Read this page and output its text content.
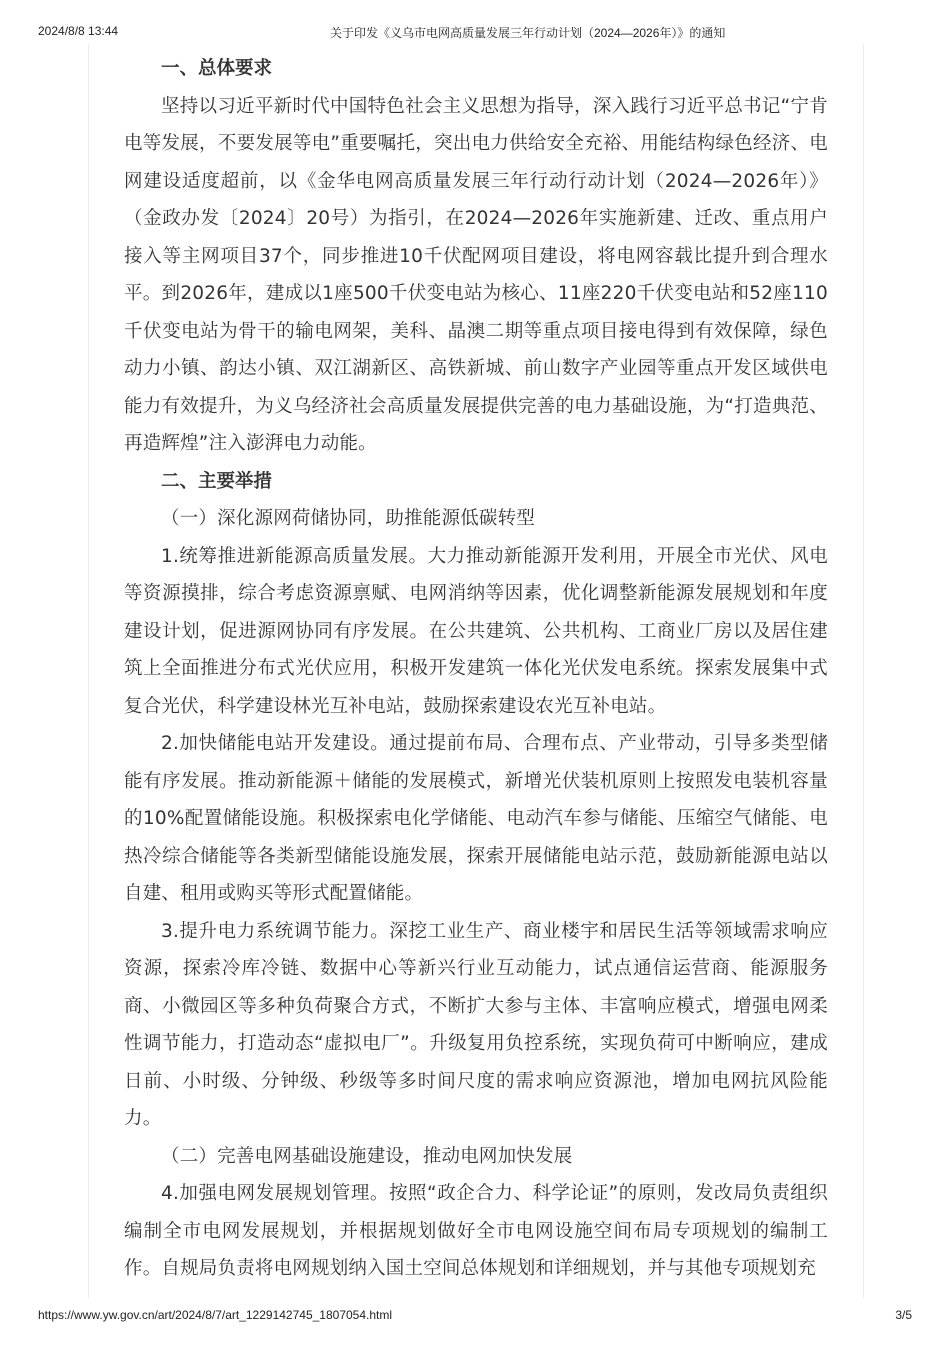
2024/8/8 13:44	关于印发《义乌市电网高质量发展三年行动计划（2024—2026年）》的通知
一、总体要求

坚持以习近平新时代中国特色社会主义思想为指导，深入践行习近平总书记“宁肯电等发展，不要发展等电”重要嘱托，突出电力供给安全充裕、用能结构绿色经济、电网建设适度超前，以《金华电网高质量发展三年行动行动计划（2024—2026年）》（金政办发〔2024〕20号）为指引，在2024—2026年实施新建、迁改、重点用户接入等主网项目37个，同步推进10千伏配网项目建设，将电网容载比提升到合理水平。到2026年，建成以1座500千伏变电站为核心、11座220千伏变电站和52座110千伏变电站为骨干的输电网架，美科、晶澳二期等重点项目接电得到有效保障，绿色动力小镇、韵达小镇、双江湖新区、高铁新城、前山数字产业园等重点开发区域供电能力有效提升，为义乌经济社会高质量发展提供完善的电力基础设施，为“打造典范、再造辉煌”注入澎湃电力动能。

二、主要举措

（一）深化源网荷储协同，助推能源低碳转型

1.统筹推进新能源高质量发展。大力推动新能源开发利用，开展全市光伏、风电等资源摸排，综合考虑资源禀赋、电网消纳等因素，优化调整新能源发展规划和年度建设计划，促进源网协同有序发展。在公共建筑、公共机构、工商业厂房以及居住建筑上全面推进分布式光伏应用，积极开发建筑一体化光伏发电系统。探索发展集中式复合光伏，科学建设林光互补电站，鼓励探索建设农光互补电站。

2.加快储能电站开发建设。通过提前布局、合理布点、产业带动，引导多类型储能有序发展。推动新能源＋储能的发展模式，新增光伏装机原则上按照发电装机容量的10%配置储能设施。积极探索电化学储能、电动汽车参与储能、压缩空气储能、电热冷综合储能等各类新型储能设施发展，探索开展储能电站示范，鼓励新能源电站以自建、租用或购买等形式配置储能。

3.提升电力系统调节能力。深挖工业生产、商业楼宇和居民生活等领域需求响应资源，探索冷库冷链、数据中心等新兴行业互动能力，试点通信运营商、能源服务商、小微园区等多种负荷聚合方式，不断扩大参与主体、丰富响应模式，增强电网柔性调节能力，打造动态“虚拟电厂”。升级复用负控系统，实现负荷可中断响应，建成日前、小时级、分钟级、秒级等多时间尺度的需求响应资源池，增加电网抗风险能力。

（二）完善电网基础设施建设，推动电网加快发展

4.加强电网发展规划管理。按照“政企合力、科学论证”的原则，发改局负责组织编制全市电网发展规划，并根据规划做好全市电网设施空间布局专项规划的编制工作。自规局负责将电网规划纳入国土空间总体规划和详细规划，并与其他专项规划充

https://www.yw.gov.cn/art/2024/8/7/art_1229142745_1807054.html	3/5
